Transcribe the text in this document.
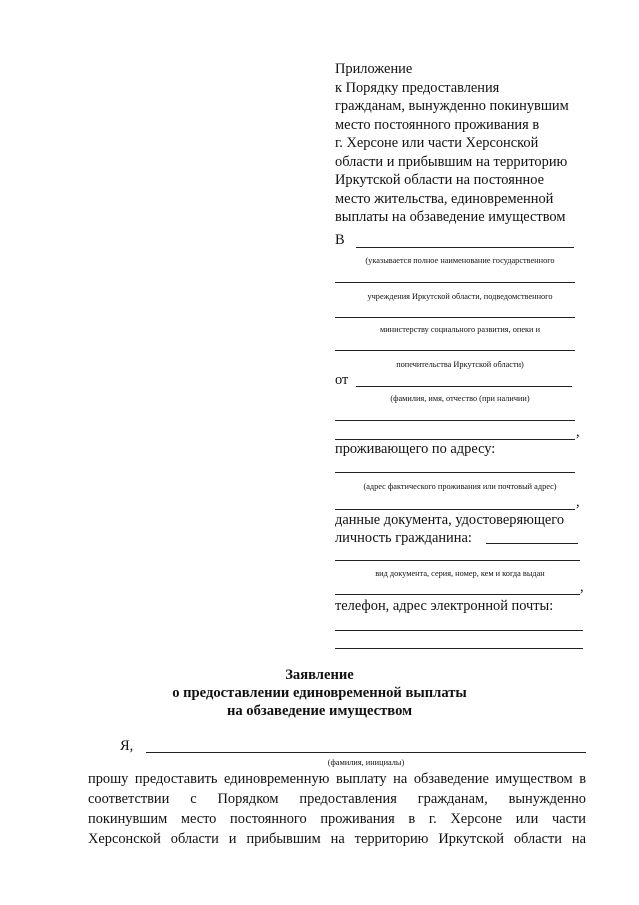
Приложение
к Порядку предоставления
гражданам, вынужденно покинувшим
место постоянного проживания в
г. Херсоне или части Херсонской
области и прибывшим на территорию
Иркутской области на постоянное
место жительства, единовременной
выплаты на обзаведение имуществом
В
(указывается полное наименование государственного
учреждения Иркутской области, подведомственного
министерству социального развития, опеки и
попечительства Иркутской области)
от
(фамилия, имя, отчество (при наличии)
,
проживающего по адресу:
(адрес фактического проживания или почтовый адрес)
,
данные документа, удостоверяющего
личность гражданина:
вид документа, серия, номер, кем и когда выдан
,
телефон, адрес электронной почты:
Заявление
о предоставлении единовременной выплаты
на обзаведение имуществом
Я,
(фамилия, инициалы)
прошу предоставить единовременную выплату на обзаведение имуществом в
соответствии с Порядком предоставления гражданам, вынужденно
покинувшим место постоянного проживания в г. Херсоне или части
Херсонской области и прибывшим на территорию Иркутской области на
